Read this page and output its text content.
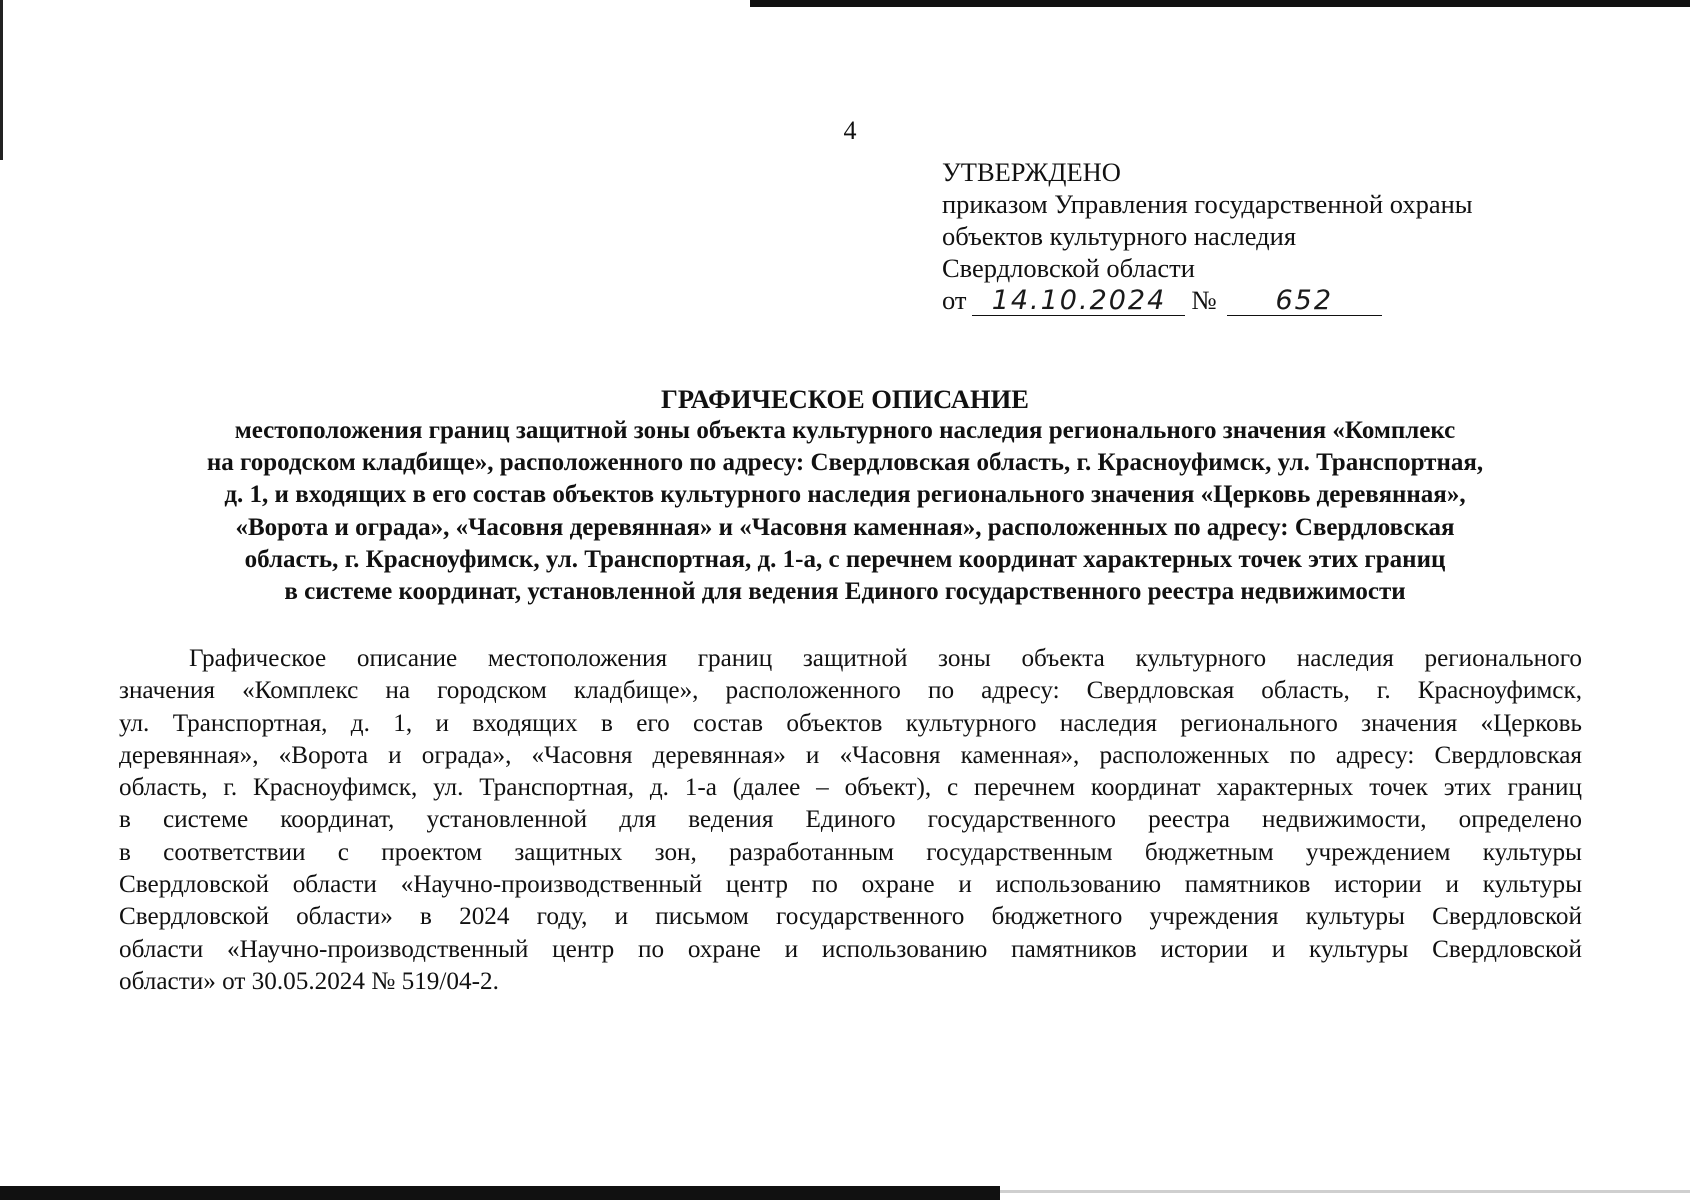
4
УТВЕРЖДЕНО
приказом Управления государственной охраны
объектов культурного наследия
Свердловской области
от 14.10.2024 №	652
ГРАФИЧЕСКОЕ ОПИСАНИЕ
местоположения границ защитной зоны объекта культурного наследия регионального значения «Комплекс
на городском кладбище», расположенного по адресу: Свердловская область, г. Красноуфимск, ул. Транспортная,
д. 1, и входящих в его состав объектов культурного наследия регионального значения «Церковь деревянная»,
«Ворота и ограда», «Часовня деревянная» и «Часовня каменная», расположенных по адресу: Свердловская
область, г. Красноуфимск, ул. Транспортная, д. 1-а, с перечнем координат характерных точек этих границ
в системе координат, установленной для ведения Единого государственного реестра недвижимости
Графическое описание местоположения границ защитной зоны объекта культурного наследия регионального
значения «Комплекс на городском кладбище», расположенного по адресу: Свердловская область, г. Красноуфимск,
ул. Транспортная, д. 1, и входящих в его состав объектов культурного наследия регионального значения «Церковь
деревянная», «Ворота и ограда», «Часовня деревянная» и «Часовня каменная», расположенных по адресу: Свердловская
область, г. Красноуфимск, ул. Транспортная, д. 1-а (далее – объект), с перечнем координат характерных точек этих границ
в системе координат, установленной для ведения Единого государственного реестра недвижимости, определено
в соответствии с проектом защитных зон, разработанным государственным бюджетным учреждением культуры
Свердловской области «Научно-производственный центр по охране и использованию памятников истории и культуры
Свердловской области» в 2024 году, и письмом государственного бюджетного учреждения культуры Свердловской
области «Научно-производственный центр по охране и использованию памятников истории и культуры Свердловской
области» от 30.05.2024 № 519/04-2.
